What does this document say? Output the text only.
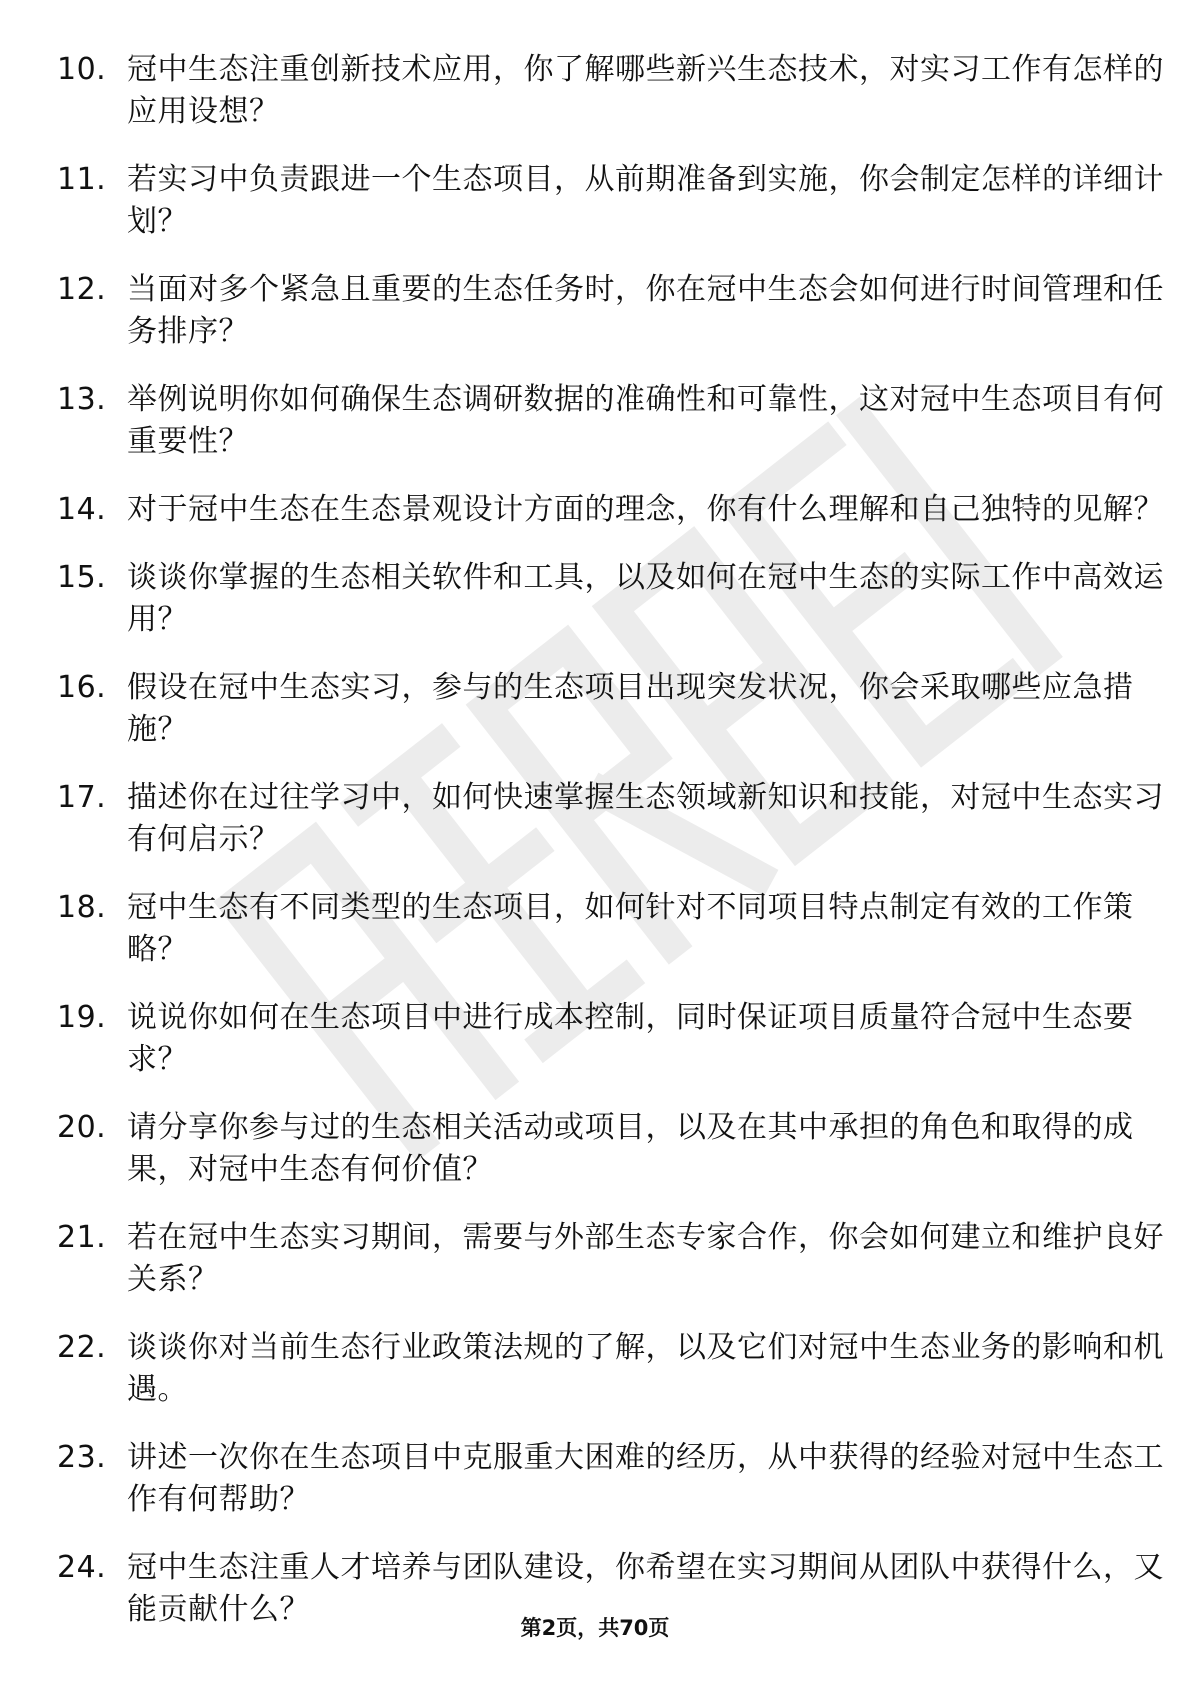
10. 冠中生态注重创新技术应用，你了解哪些新兴生态技术，对实习工作有怎样的应用设想？
11. 若实习中负责跟进一个生态项目，从前期准备到实施，你会制定怎样的详细计划？
12. 当面对多个紧急且重要的生态任务时，你在冠中生态会如何进行时间管理和任务排序？
13. 举例说明你如何确保生态调研数据的准确性和可靠性，这对冠中生态项目有何重要性？
14. 对于冠中生态在生态景观设计方面的理念，你有什么理解和自己独特的见解？
15. 谈谈你掌握的生态相关软件和工具，以及如何在冠中生态的实际工作中高效运用？
16. 假设在冠中生态实习，参与的生态项目出现突发状况，你会采取哪些应急措施？
17. 描述你在过往学习中，如何快速掌握生态领域新知识和技能，对冠中生态实习有何启示？
18. 冠中生态有不同类型的生态项目，如何针对不同项目特点制定有效的工作策略？
19. 说说你如何在生态项目中进行成本控制，同时保证项目质量符合冠中生态要求？
20. 请分享你参与过的生态相关活动或项目，以及在其中承担的角色和取得的成果，对冠中生态有何价值？
21. 若在冠中生态实习期间，需要与外部生态专家合作，你会如何建立和维护良好关系？
22. 谈谈你对当前生态行业政策法规的了解，以及它们对冠中生态业务的影响和机遇。
23. 讲述一次你在生态项目中克服重大困难的经历，从中获得的经验对冠中生态工作有何帮助？
24. 冠中生态注重人才培养与团队建设，你希望在实习期间从团队中获得什么，又能贡献什么？
第2页，共70页
